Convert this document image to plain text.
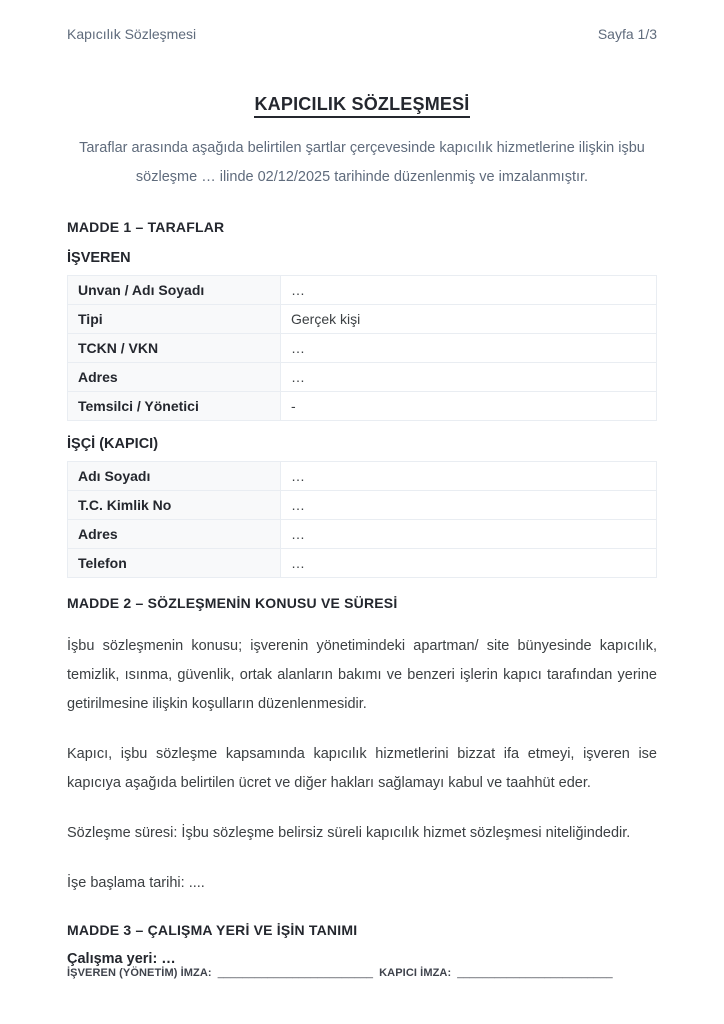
Kapıcılık Sözleşmesi	Sayfa 1/3
KAPICILIK SÖZLEŞMESİ
Taraflar arasında aşağıda belirtilen şartlar çerçevesinde kapıcılık hizmetlerine ilişkin işbu sözleşme … ilinde 02/12/2025 tarihinde düzenlenmiş ve imzalanmıştır.
MADDE 1 – TARAFLAR
İŞVEREN
Unvan / Adı Soyadı	…
Tipi	Gerçek kişi
TCKN / VKN	…
Adres	…
Temsilci / Yönetici	-
İŞÇİ (KAPICI)
Adı Soyadı	…
T.C. Kimlik No	…
Adres	…
Telefon	…
MADDE 2 – SÖZLEŞMENİN KONUSU VE SÜRESİ
İşbu sözleşmenin konusu; işverenin yönetimindeki apartman/ site bünyesinde kapıcılık, temizlik, ısınma, güvenlik, ortak alanların bakımı ve benzeri işlerin kapıcı tarafından yerine getirilmesine ilişkin koşulların düzenlenmesidir.
Kapıcı, işbu sözleşme kapsamında kapıcılık hizmetlerini bizzat ifa etmeyi, işveren ise kapıcıya aşağıda belirtilen ücret ve diğer hakları sağlamayı kabul ve taahhüt eder.
Sözleşme süresi: İşbu sözleşme belirsiz süreli kapıcılık hizmet sözleşmesi niteliğindedir.
İşe başlama tarihi: ....
MADDE 3 – ÇALIŞMA YERİ VE İŞİN TANIMI
Çalışma yeri: …
İŞVEREN (YÖNETİM) İMZA: _________________________ KAPICI İMZA: _________________________
